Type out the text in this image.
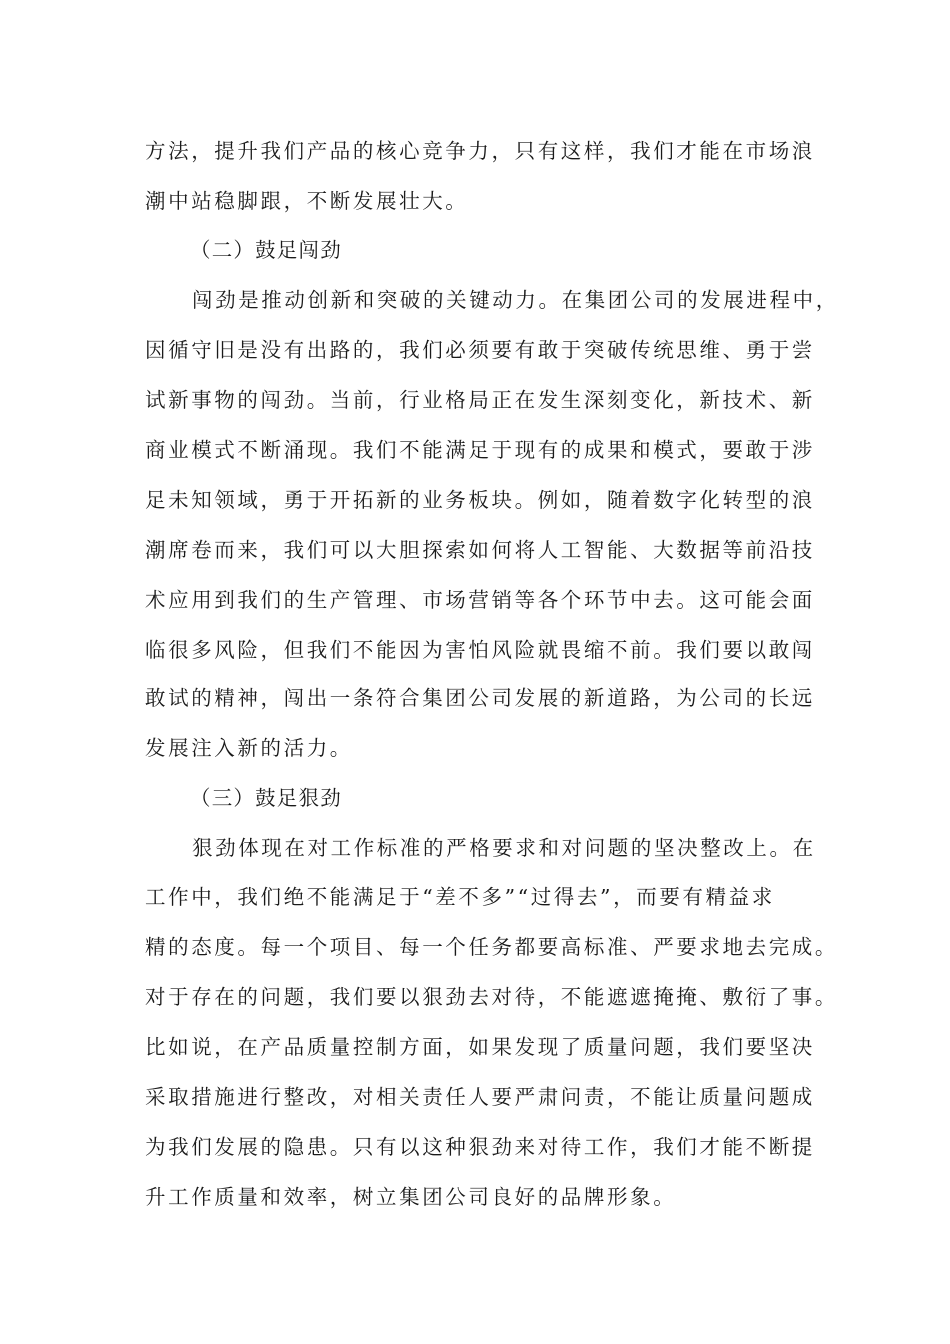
方法，提升我们产品的核心竞争力，只有这样，我们才能在市场浪
潮中站稳脚跟，不断发展壮大。
（二）鼓足闯劲
闯劲是推动创新和突破的关键动力。在集团公司的发展进程中，
因循守旧是没有出路的，我们必须要有敢于突破传统思维、勇于尝
试新事物的闯劲。当前，行业格局正在发生深刻变化，新技术、新
商业模式不断涌现。我们不能满足于现有的成果和模式，要敢于涉
足未知领域，勇于开拓新的业务板块。例如，随着数字化转型的浪
潮席卷而来，我们可以大胆探索如何将人工智能、大数据等前沿技
术应用到我们的生产管理、市场营销等各个环节中去。这可能会面
临很多风险，但我们不能因为害怕风险就畏缩不前。我们要以敢闯
敢试的精神，闯出一条符合集团公司发展的新道路，为公司的长远
发展注入新的活力。
（三）鼓足狠劲
狠劲体现在对工作标准的严格要求和对问题的坚决整改上。在
工作中，我们绝不能满足于“差不多”“过得去”，而要有精益求
精的态度。每一个项目、每一个任务都要高标准、严要求地去完成。
对于存在的问题，我们要以狠劲去对待，不能遮遮掩掩、敷衍了事。
比如说，在产品质量控制方面，如果发现了质量问题，我们要坚决
采取措施进行整改，对相关责任人要严肃问责，不能让质量问题成
为我们发展的隐患。只有以这种狠劲来对待工作，我们才能不断提
升工作质量和效率，树立集团公司良好的品牌形象。
